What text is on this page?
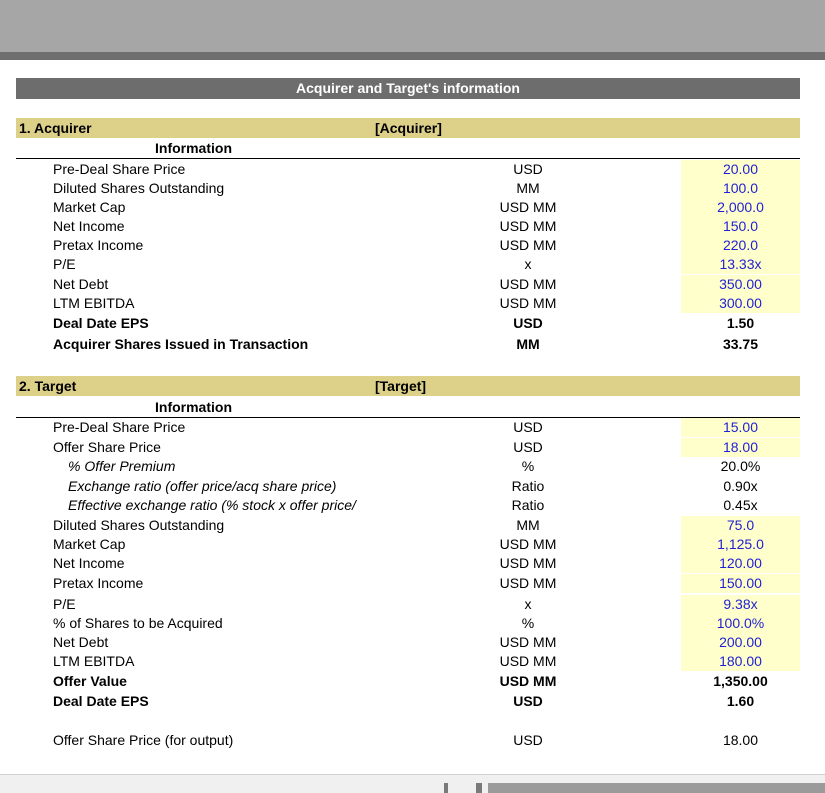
Acquirer and Target's information
1. Acquirer	[Acquirer]
Information
Pre-Deal Share Price	USD	20.00
Diluted Shares Outstanding	MM	100.0
Market Cap	USD MM	2,000.0
Net Income	USD MM	150.0
Pretax Income	USD MM	220.0
P/E	x	13.33x
Net Debt	USD MM	350.00
LTM EBITDA	USD MM	300.00
Deal Date EPS	USD	1.50
Acquirer Shares Issued in Transaction	MM	33.75
2. Target	[Target]
Information
Pre-Deal Share Price	USD	15.00
Offer Share Price	USD	18.00
% Offer Premium	%	20.0%
Exchange ratio (offer price/acq share price)	Ratio	0.90x
Effective exchange ratio (% stock x offer price/	Ratio	0.45x
Diluted Shares Outstanding	MM	75.0
Market Cap	USD MM	1,125.0
Net Income	USD MM	120.00
Pretax Income	USD MM	150.00
P/E	x	9.38x
% of Shares to be Acquired	%	100.0%
Net Debt	USD MM	200.00
LTM EBITDA	USD MM	180.00
Offer Value	USD MM	1,350.00
Deal Date EPS	USD	1.60
Offer Share Price (for output)	USD	18.00
